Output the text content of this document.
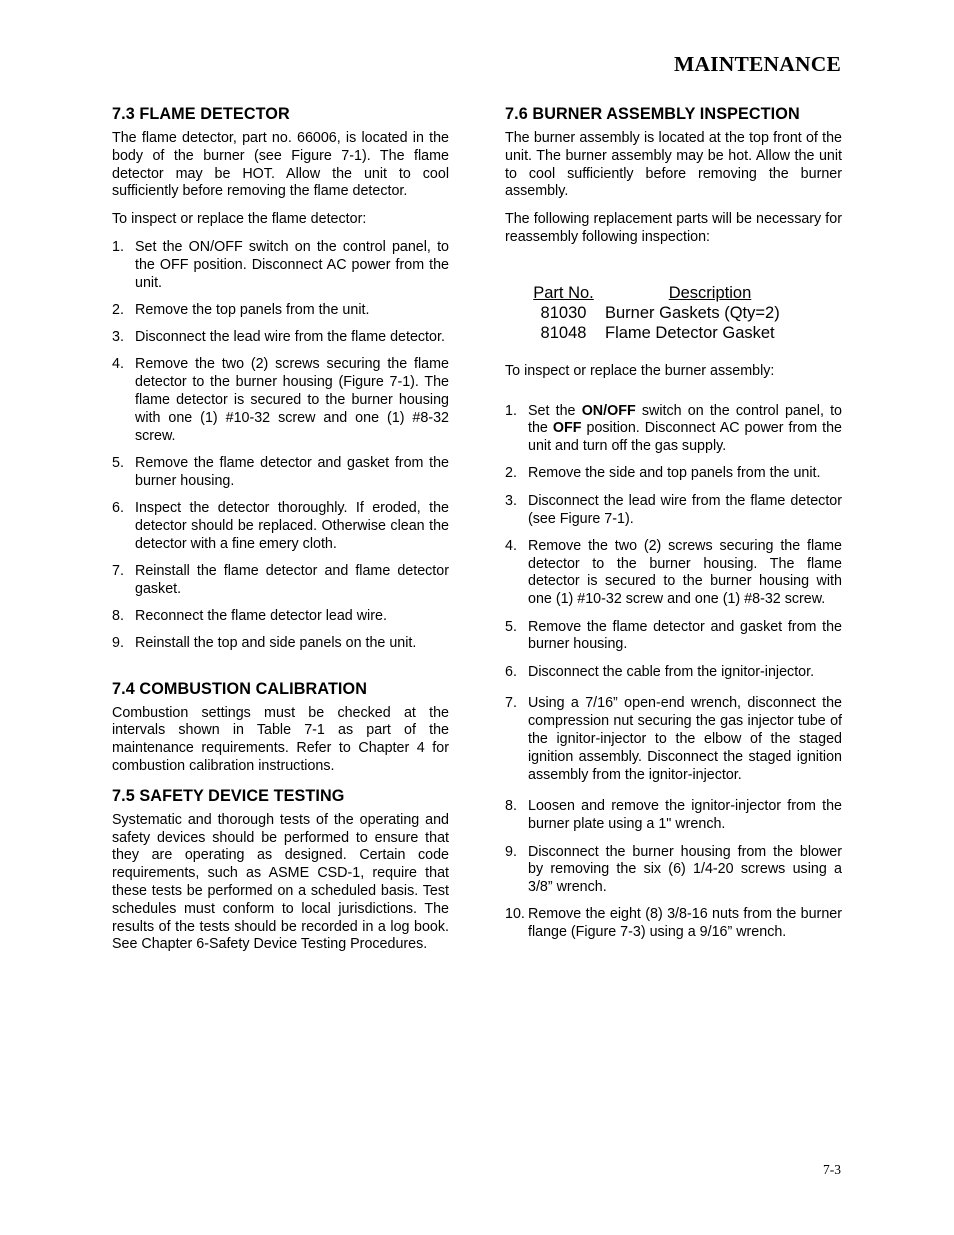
MAINTENANCE
7.3 FLAME DETECTOR

The flame detector, part no. 66006, is located in the body of the burner (see Figure 7-1). The flame detector may be HOT. Allow the unit to cool sufficiently before removing the flame detector.

To inspect or replace the flame detector:

1. Set the ON/OFF switch on the control panel, to the OFF position. Disconnect AC power from the unit.
2. Remove the top panels from the unit.
3. Disconnect the lead wire from the flame detector.
4. Remove the two (2) screws securing the flame detector to the burner housing (Figure 7-1). The flame detector is secured to the burner housing with one (1) #10-32 screw and one (1) #8-32 screw.
5. Remove the flame detector and gasket from the burner housing.
6. Inspect the detector thoroughly. If eroded, the detector should be replaced. Otherwise clean the detector with a fine emery cloth.
7. Reinstall the flame detector and flame detector gasket.
8. Reconnect the flame detector lead wire.
9. Reinstall the top and side panels on the unit.
7.4 COMBUSTION CALIBRATION

Combustion settings must be checked at the intervals shown in Table 7-1 as part of the maintenance requirements. Refer to Chapter 4 for combustion calibration instructions.

7.5 SAFETY DEVICE TESTING

Systematic and thorough tests of the operating and safety devices should be performed to ensure that they are operating as designed. Certain code requirements, such as ASME CSD-1, require that these tests be performed on a scheduled basis. Test schedules must conform to local jurisdictions. The results of the tests should be recorded in a log book. See Chapter 6-Safety Device Testing Procedures.

7.6 BURNER ASSEMBLY INSPECTION

The burner assembly is located at the top front of the unit. The burner assembly may be hot. Allow the unit to cool sufficiently before removing the burner assembly.

The following replacement parts will be necessary for reassembly following inspection:

Part No.	Description
81030	Burner Gaskets (Qty=2)
81048	Flame Detector Gasket

To inspect or replace the burner assembly:

1. Set the ON/OFF switch on the control panel, to the OFF position. Disconnect AC power from the unit and turn off the gas supply.
2. Remove the side and top panels from the unit.
3. Disconnect the lead wire from the flame detector (see Figure 7-1).
4. Remove the two (2) screws securing the flame detector to the burner housing. The flame detector is secured to the burner housing with one (1) #10-32 screw and one (1) #8-32 screw.
5. Remove the flame detector and gasket from the burner housing.
6. Disconnect the cable from the ignitor-injector.
7. Using a 7/16” open-end wrench, disconnect the compression nut securing the gas injector tube of the ignitor-injector to the elbow of the staged ignition assembly. Disconnect the staged ignition assembly from the ignitor-injector.
8. Loosen and remove the ignitor-injector from the burner plate using a 1" wrench.
9. Disconnect the burner housing from the blower by removing the six (6) 1/4-20 screws using a 3/8” wrench.
10. Remove the eight (8) 3/8-16 nuts from the burner flange (Figure 7-3) using a 9/16” wrench.
7-3
